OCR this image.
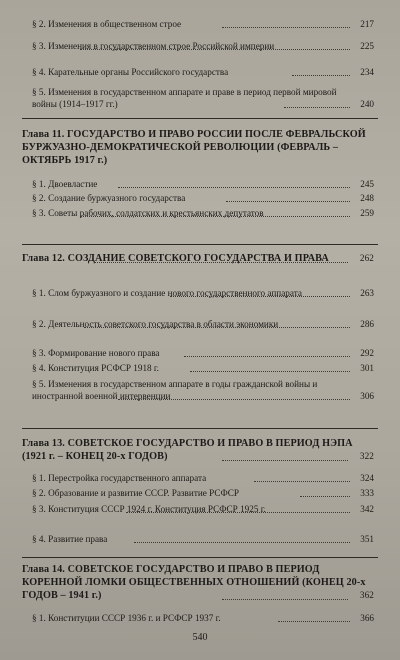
§ 2. Изменения в общественном строе	217
§ 3. Изменения в государственном строе Российской империи	225
§ 4. Карательные органы Российского государства	234
§ 5. Изменения в государственном аппарате и праве в период первой мировой войны (1914–1917 гг.)	240
Глава 11. ГОСУДАРСТВО И ПРАВО РОССИИ ПОСЛЕ ФЕВРАЛЬСКОЙ БУРЖУАЗНО-ДЕМОКРАТИЧЕСКОЙ РЕВОЛЮЦИИ (ФЕВРАЛЬ – ОКТЯБРЬ 1917 г.)
§ 1. Двоевластие	245
§ 2. Создание буржуазного государства	248
§ 3. Советы рабочих, солдатских и крестьянских депутатов	259
Глава 12. СОЗДАНИЕ СОВЕТСКОГО ГОСУДАРСТВА И ПРАВА	262
§ 1. Слом буржуазного и создание нового государственного аппарата	263
§ 2. Деятельность советского государства в области экономики	286
§ 3. Формирование нового права	292
§ 4. Конституция РСФСР 1918 г.	301
§ 5. Изменения в государственном аппарате в годы гражданской войны и иностранной военной интервенции	306
Глава 13. СОВЕТСКОЕ ГОСУДАРСТВО И ПРАВО В ПЕРИОД НЭПА (1921 г. – КОНЕЦ 20-х ГОДОВ)	322
§ 1. Перестройка государственного аппарата	324
§ 2. Образование и развитие СССР. Развитие РСФСР	333
§ 3. Конституция СССР 1924 г. Конституция РСФСР 1925 г.	342
§ 4. Развитие права	351
Глава 14. СОВЕТСКОЕ ГОСУДАРСТВО И ПРАВО В ПЕРИОД КОРЕННОЙ ЛОМКИ ОБЩЕСТВЕННЫХ ОТНОШЕНИЙ (КОНЕЦ 20-х ГОДОВ – 1941 г.)	362
§ 1. Конституции СССР 1936 г. и РСФСР 1937 г.	366
540
